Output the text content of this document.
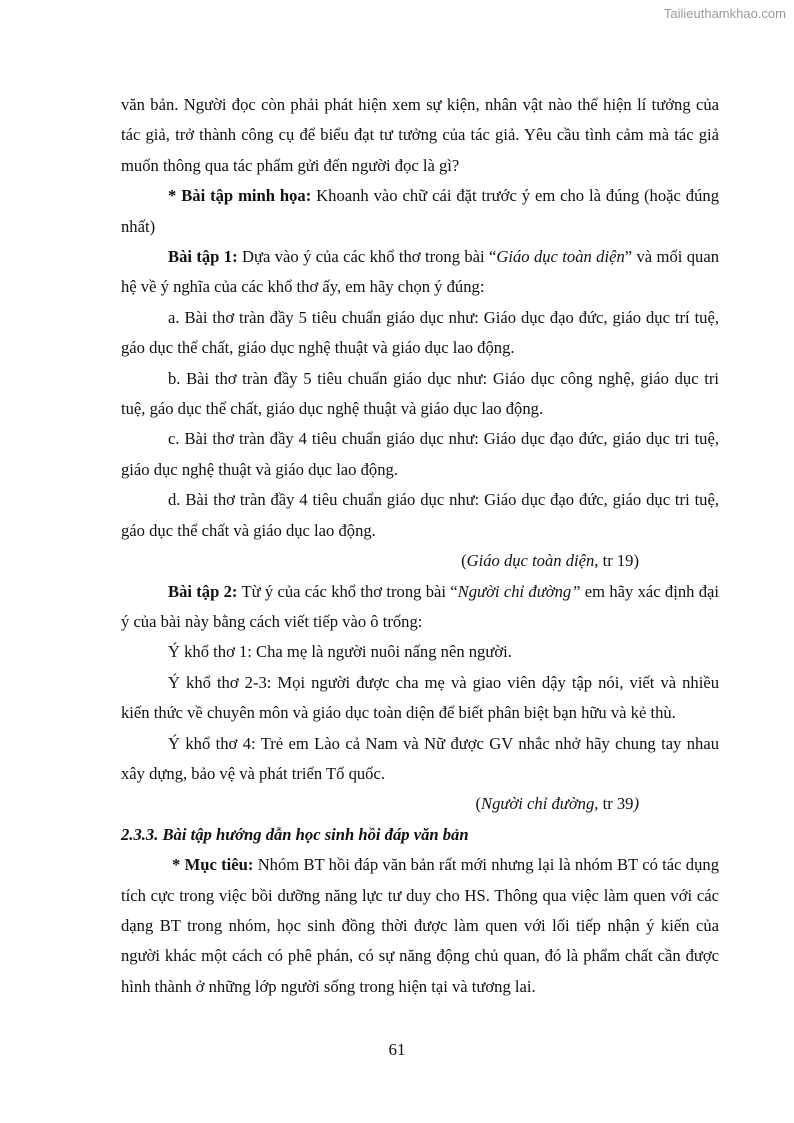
Tailieuthamkhao.com

văn bản. Người đọc còn phải phát hiện xem sự kiện, nhân vật nào thể hiện lí tưởng của tác giả, trở thành công cụ để biểu đạt tư tưởng của tác giả. Yêu cầu tình cảm mà tác giả muốn thông qua tác phẩm gửi đến người đọc là gì?

* Bài tập minh họa: Khoanh vào chữ cái đặt trước ý em cho là đúng (hoặc đúng nhất)

Bài tập 1: Dựa vào ý của các khổ thơ trong bài “Giáo dục toàn diện” và mối quan hệ về ý nghĩa của các khổ thơ ấy, em hãy chọn ý đúng:

a. Bài thơ tràn đầy 5 tiêu chuẩn giáo dục như: Giáo dục đạo đức, giáo dục trí tuệ, gáo dục thể chất, giáo dục nghệ thuật và giáo dục lao động.

b. Bài thơ tràn đầy 5 tiêu chuẩn giáo dục như: Giáo dục công nghệ, giáo dục tri tuệ, gáo dục thể chất, giáo dục nghệ thuật và giáo dục lao động.

c. Bài thơ tràn đầy 4 tiêu chuẩn giáo dục như: Giáo dục đạo đức, giáo dục tri tuệ, giáo dục nghệ thuật và giáo dục lao động.

d. Bài thơ tràn đầy 4 tiêu chuẩn giáo dục như: Giáo dục đạo đức, giáo dục tri tuệ, gáo dục thể chất và giáo dục lao động.

(Giáo dục toàn diện, tr 19)

Bài tập 2: Từ ý của các khổ thơ trong bài “Người chỉ đường” em hãy xác định đại ý của bài này bằng cách viết tiếp vào ô trống:

Ý khổ thơ 1: Cha mẹ là người nuôi nấng nên người.

Ý khổ thơ 2-3: Mọi người được cha mẹ và giao viên dậy tập nói, viết và nhiều kiến thức về chuyên môn và giáo dục toàn diện để biết phân biệt bạn hữu và kẻ thù.

Ý khổ thơ 4: Trẻ em Lào cả Nam và Nữ được GV nhắc nhở hãy chung tay nhau xây dựng, bảo vệ và phát triển Tổ quốc.

(Người chỉ đường, tr 39)

2.3.3. Bài tập hướng dẫn học sinh hồi đáp văn bản

* Mục tiêu: Nhóm BT hồi đáp văn bản rất mới nhưng lại là nhóm BT có tác dụng tích cực trong việc bồi dưỡng năng lực tư duy cho HS. Thông qua việc làm quen với các dạng BT trong nhóm, học sinh đồng thời được làm quen với lối tiếp nhận ý kiến của người khác một cách có phê phán, có sự năng động chủ quan, đó là phẩm chất cần được hình thành ở những lớp người sống trong hiện tại và tương lai.

61
